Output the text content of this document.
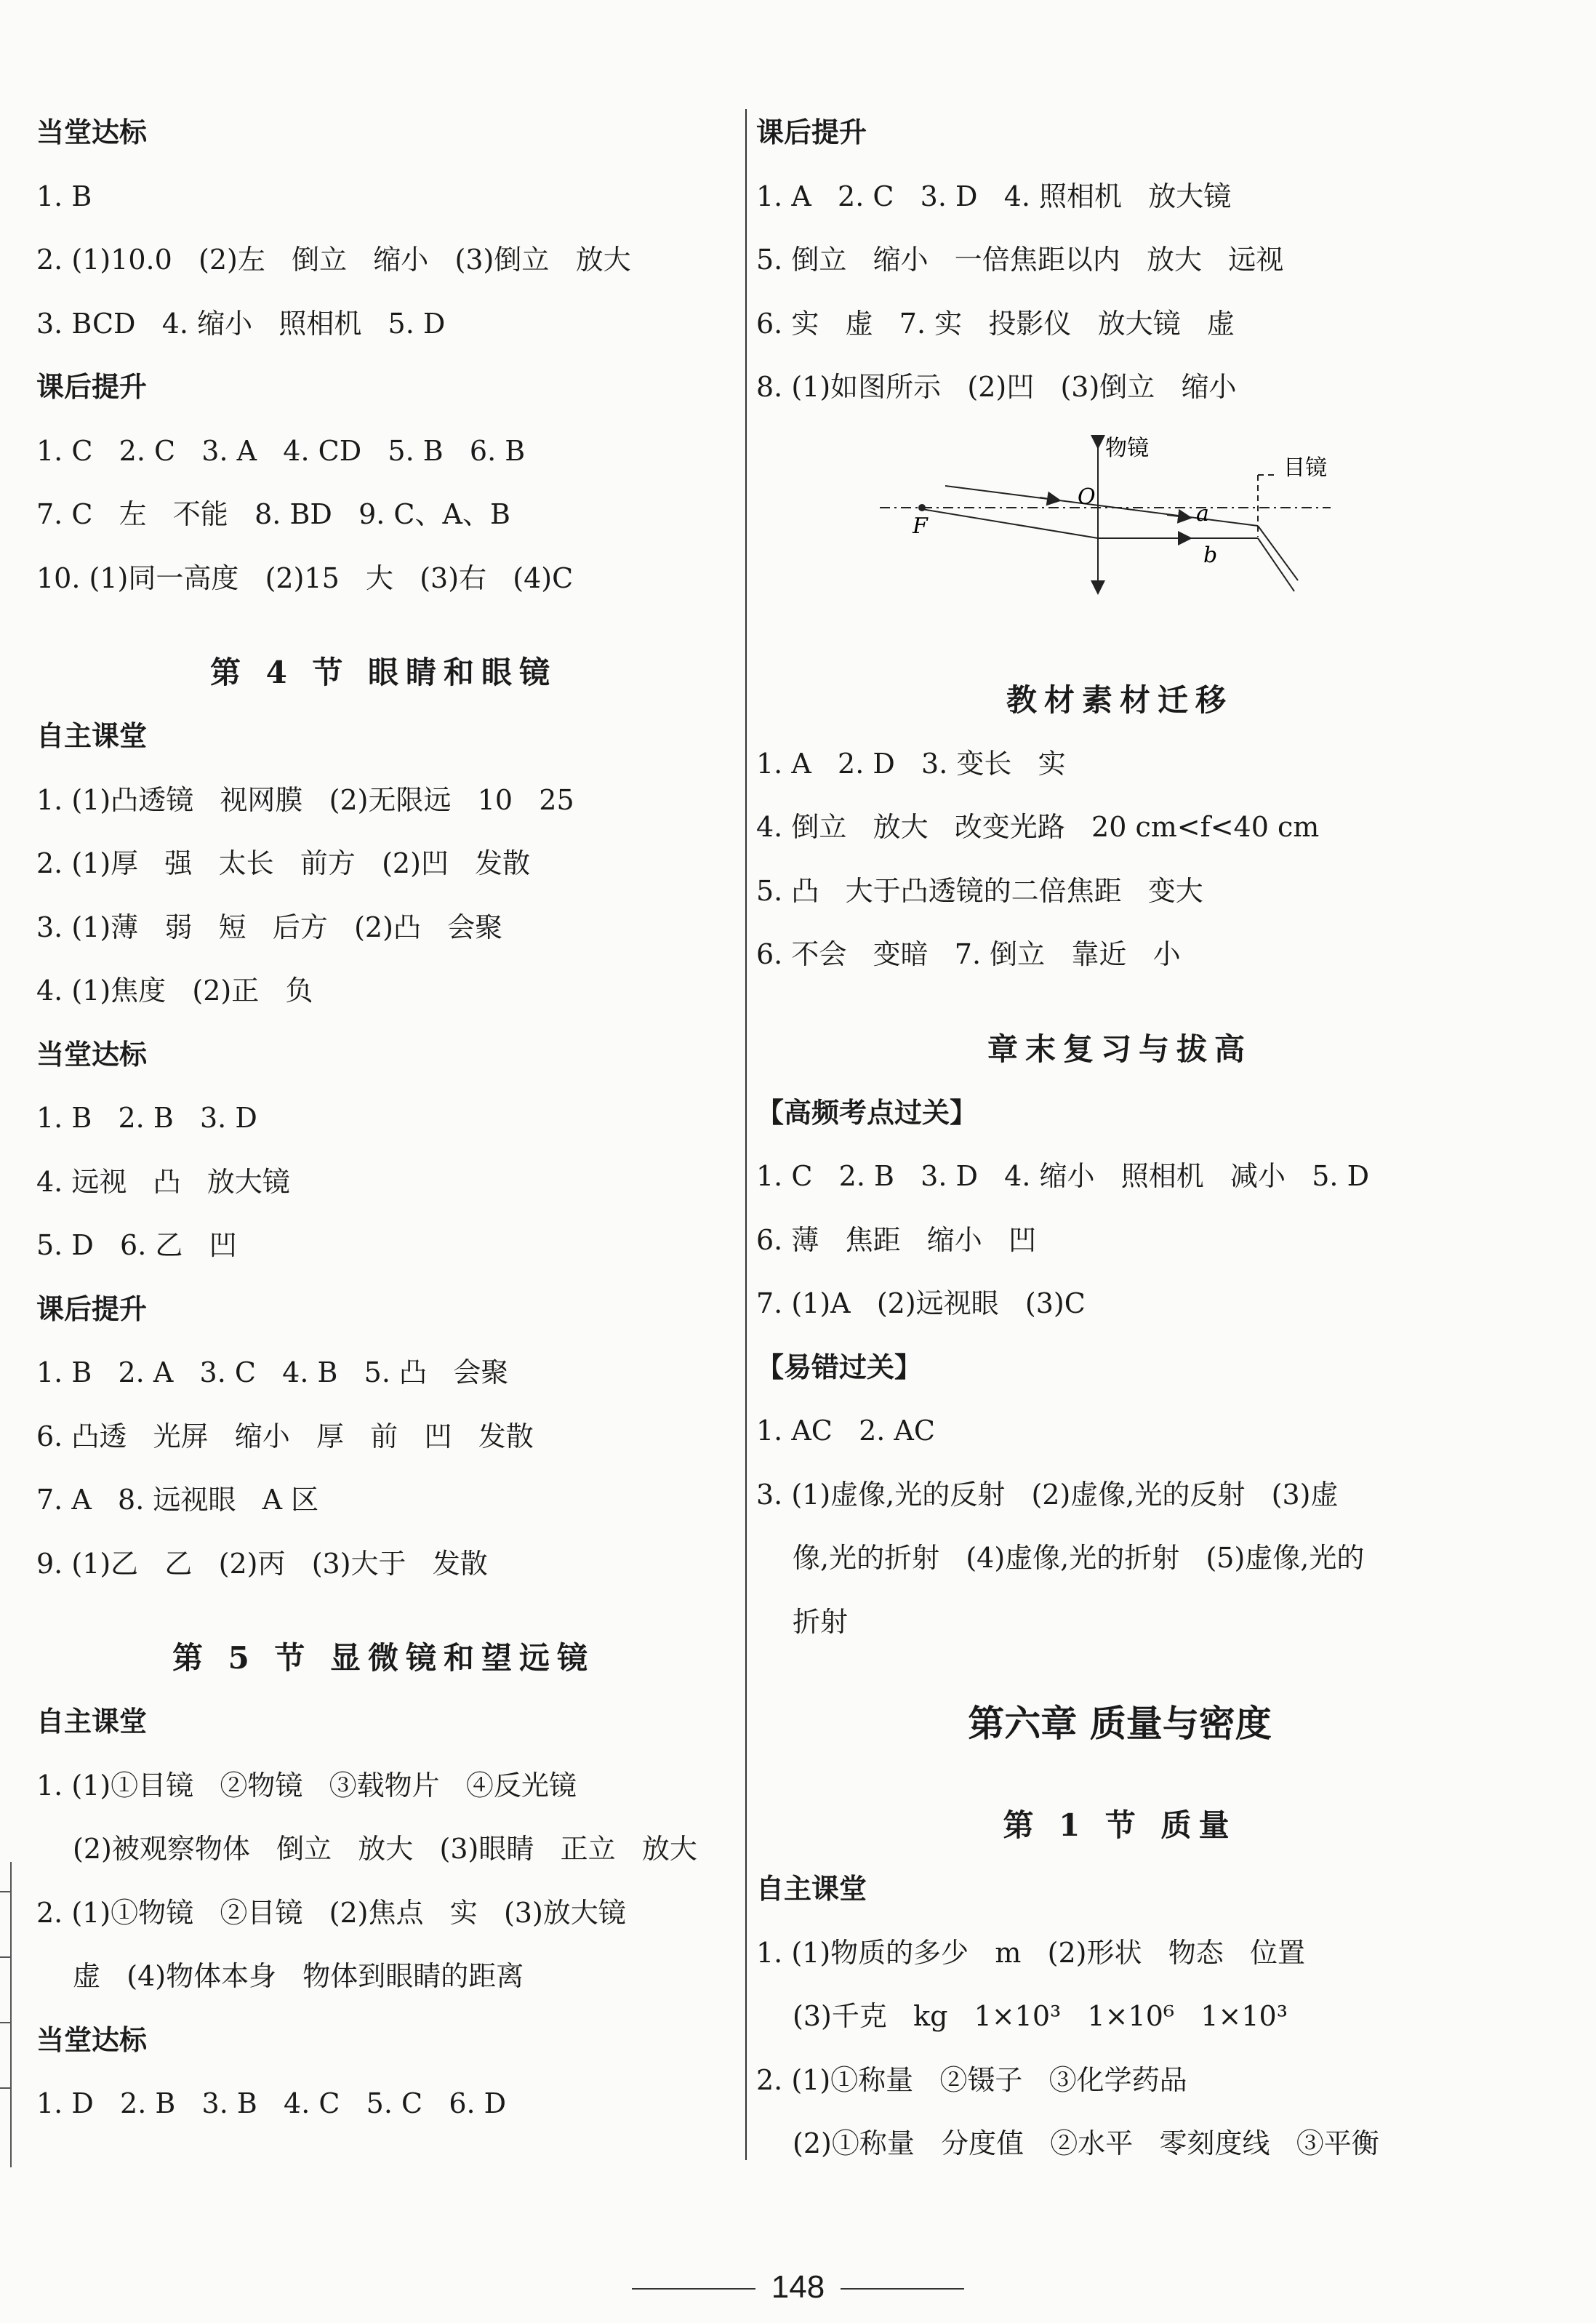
当堂达标
1. B
2. (1)10.0   (2)左   倒立   缩小   (3)倒立   放大
3. BCD   4. 缩小   照相机   5. D
课后提升
1. C   2. C   3. A   4. CD   5. B   6. B
7. C   左   不能   8. BD   9. C、A、B
10. (1)同一高度   (2)15   大   (3)右   (4)C
第 4 节 眼睛和眼镜
自主课堂
1. (1)凸透镜   视网膜   (2)无限远   10   25
2. (1)厚   强   太长   前方   (2)凹   发散
3. (1)薄   弱   短   后方   (2)凸   会聚
4. (1)焦度   (2)正   负
当堂达标
1. B   2. B   3. D
4. 远视   凸   放大镜
5. D   6. 乙   凹
课后提升
1. B   2. A   3. C   4. B   5. 凸   会聚
6. 凸透   光屏   缩小   厚   前   凹   发散
7. A   8. 远视眼   A 区
9. (1)乙   乙   (2)丙   (3)大于   发散
第 5 节 显微镜和望远镜
自主课堂
1. (1)①目镜   ②物镜   ③载物片   ④反光镜
(2)被观察物体   倒立   放大   (3)眼睛   正立   放大
2. (1)①物镜   ②目镜   (2)焦点   实   (3)放大镜
虚   (4)物体本身   物体到眼睛的距离
当堂达标
1. D   2. B   3. B   4. C   5. C   6. D
课后提升
1. A   2. C   3. D   4. 照相机   放大镜
5. 倒立   缩小   一倍焦距以内   放大   远视
6. 实   虚   7. 实   投影仪   放大镜   虚
8. (1)如图所示   (2)凹   (3)倒立   缩小
物镜
目镜
O
F	a
b
教材素材迁移
1. A   2. D   3. 变长   实
4. 倒立   放大   改变光路   20 cm<f<40 cm
5. 凸   大于凸透镜的二倍焦距   变大
6. 不会   变暗   7. 倒立   靠近   小
章末复习与拔高
【高频考点过关】
1. C   2. B   3. D   4. 缩小   照相机   减小   5. D
6. 薄   焦距   缩小   凹
7. (1)A   (2)远视眼   (3)C
【易错过关】
1. AC   2. AC
3. (1)虚像,光的反射   (2)虚像,光的反射   (3)虚
像,光的折射   (4)虚像,光的折射   (5)虚像,光的
折射
第六章 质量与密度
第 1 节 质量
自主课堂
1. (1)物质的多少   m   (2)形状   物态   位置
(3)千克   kg   1×10³   1×10⁶   1×10³
2. (1)①称量   ②镊子   ③化学药品
(2)①称量   分度值   ②水平   零刻度线   ③平衡
148
